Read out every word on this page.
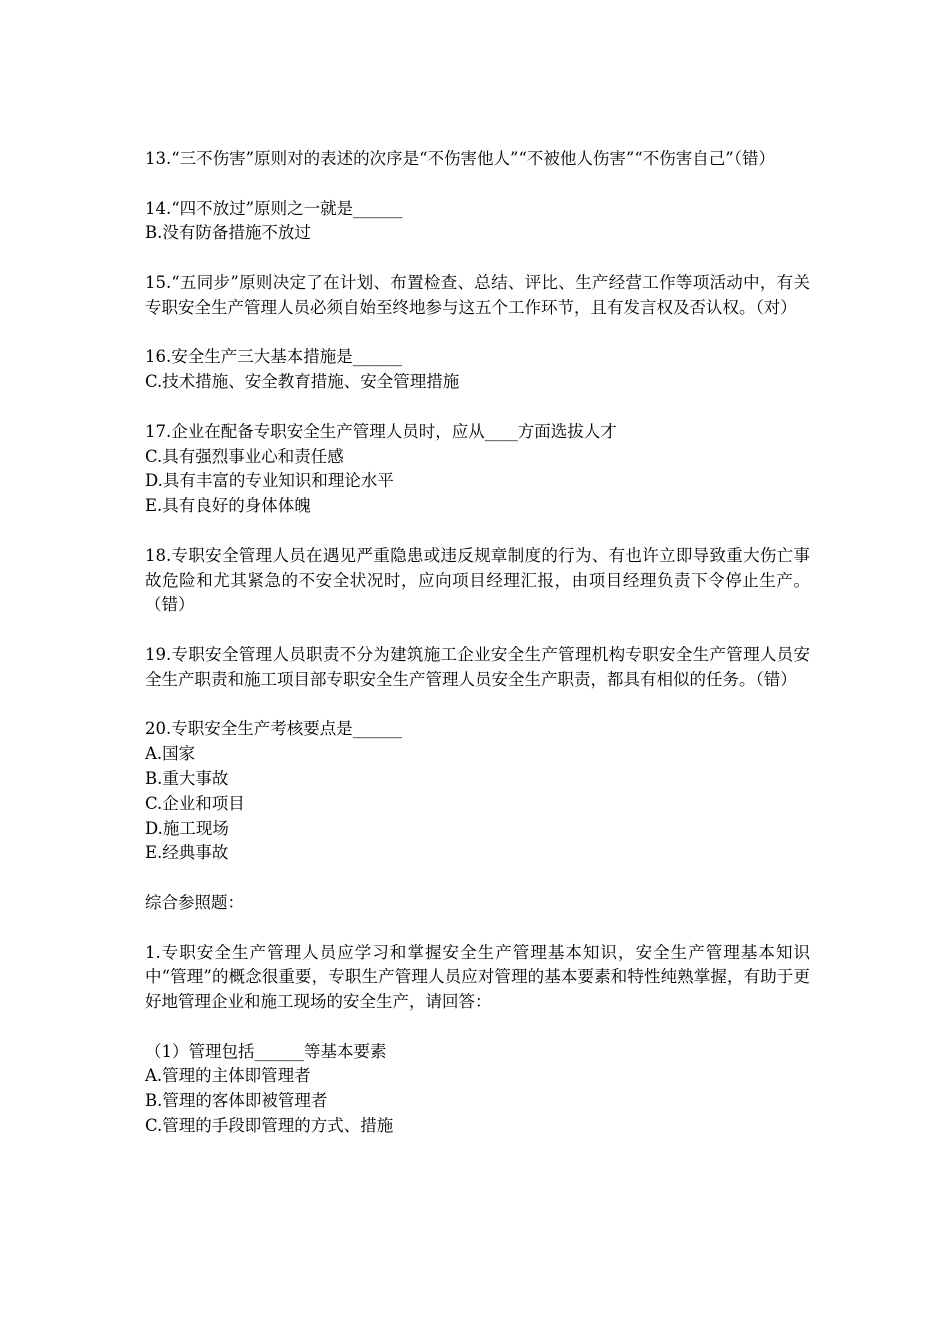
13.“三不伤害”原则对的表述的次序是“不伤害他人”“不被他人伤害”“不伤害自己”（错）
14.“四不放过”原则之一就是______
B.没有防备措施不放过
15.“五同步”原则决定了在计划、布置检查、总结、评比、生产经营工作等项活动中，有关专职安全生产管理人员必须自始至终地参与这五个工作环节，且有发言权及否认权。（对）
16.安全生产三大基本措施是______
C.技术措施、安全教育措施、安全管理措施
17.企业在配备专职安全生产管理人员时，应从____方面选拔人才
C.具有强烈事业心和责任感
D.具有丰富的专业知识和理论水平
E.具有良好的身体体魄
18.专职安全管理人员在遇见严重隐患或违反规章制度的行为、有也许立即导致重大伤亡事故危险和尤其紧急的不安全状况时，应向项目经理汇报，由项目经理负责下令停止生产。（错）
19.专职安全管理人员职责不分为建筑施工企业安全生产管理机构专职安全生产管理人员安全生产职责和施工项目部专职安全生产管理人员安全生产职责，都具有相似的任务。（错）
20.专职安全生产考核要点是______
A.国家
B.重大事故
C.企业和项目
D.施工现场
E.经典事故
综合参照题：
1.专职安全生产管理人员应学习和掌握安全生产管理基本知识，安全生产管理基本知识中“管理”的概念很重要，专职生产管理人员应对管理的基本要素和特性纯熟掌握，有助于更好地管理企业和施工现场的安全生产，请回答：
（1）管理包括______等基本要素
A.管理的主体即管理者
B.管理的客体即被管理者
C.管理的手段即管理的方式、措施
